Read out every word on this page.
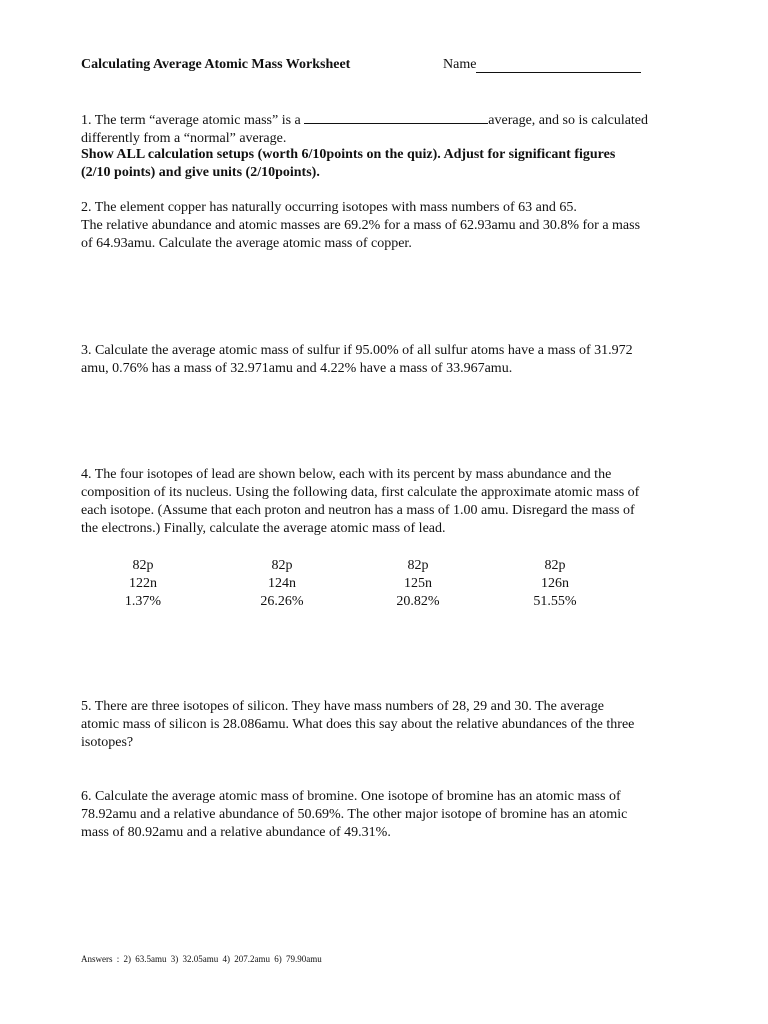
Calculating Average Atomic Mass Worksheet	Name
1. The term “average atomic mass” is a	average, and so is calculated
differently from a “normal” average.
Show ALL calculation setups (worth 6/10points on the quiz). Adjust for significant figures
(2/10 points) and give units (2/10points).
2. The element copper has naturally occurring isotopes with mass numbers of 63 and 65.
The relative abundance and atomic masses are 69.2% for a mass of 62.93amu and 30.8% for a mass
of 64.93amu. Calculate the average atomic mass of copper.
3. Calculate the average atomic mass of sulfur if 95.00% of all sulfur atoms have a mass of 31.972
amu, 0.76% has a mass of 32.971amu and 4.22% have a mass of 33.967amu.
4. The four isotopes of lead are shown below, each with its percent by mass abundance and the
composition of its nucleus. Using the following data, first calculate the approximate atomic mass of
each isotope. (Assume that each proton and neutron has a mass of 1.00 amu. Disregard the mass of
the electrons.) Finally, calculate the average atomic mass of lead.
82p
122n
1.37%
82p
124n
26.26%
82p
125n
20.82%
82p
126n
51.55%
5. There are three isotopes of silicon. They have mass numbers of 28, 29 and 30. The average
atomic mass of silicon is 28.086amu. What does this say about the relative abundances of the three
isotopes?
6. Calculate the average atomic mass of bromine. One isotope of bromine has an atomic mass of
78.92amu and a relative abundance of 50.69%. The other major isotope of bromine has an atomic
mass of 80.92amu and a relative abundance of 49.31%.
Answers : 2) 63.5amu 3) 32.05amu 4) 207.2amu 6) 79.90amu
